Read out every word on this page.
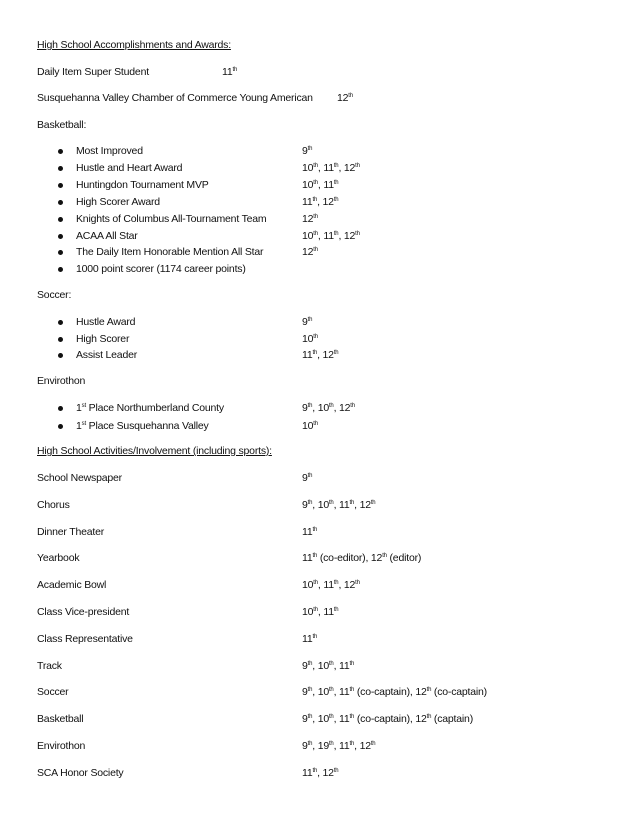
High School Accomplishments and Awards:
Daily Item Super Student	11th
Susquehanna Valley Chamber of Commerce Young American 12th
Basketball:
Most Improved	9th
Hustle and Heart Award	10th, 11th, 12th
Huntingdon Tournament MVP	10th, 11th
High Scorer Award	11th, 12th
Knights of Columbus All-Tournament Team	12th
ACAA All Star	10th, 11th, 12th
The Daily Item Honorable Mention All Star	12th
1000 point scorer (1174 career points)
Soccer:
Hustle Award	9th
High Scorer	10th
Assist Leader	11th, 12th
Envirothon
1st Place Northumberland County	9th, 10th, 12th
1st Place Susquehanna Valley	10th
High School Activities/Involvement (including sports):
School Newspaper	9th
Chorus	9th, 10th, 11th, 12th
Dinner Theater	11th
Yearbook	11th (co-editor), 12th (editor)
Academic Bowl	10th, 11th, 12th
Class Vice-president	10th, 11th
Class Representative	11th
Track	9th, 10th, 11th
Soccer	9th, 10th, 11th (co-captain), 12th (co-captain)
Basketball	9th, 10th, 11th (co-captain), 12th (captain)
Envirothon	9th, 19th, 11th, 12th
SCA Honor Society	11th, 12th
